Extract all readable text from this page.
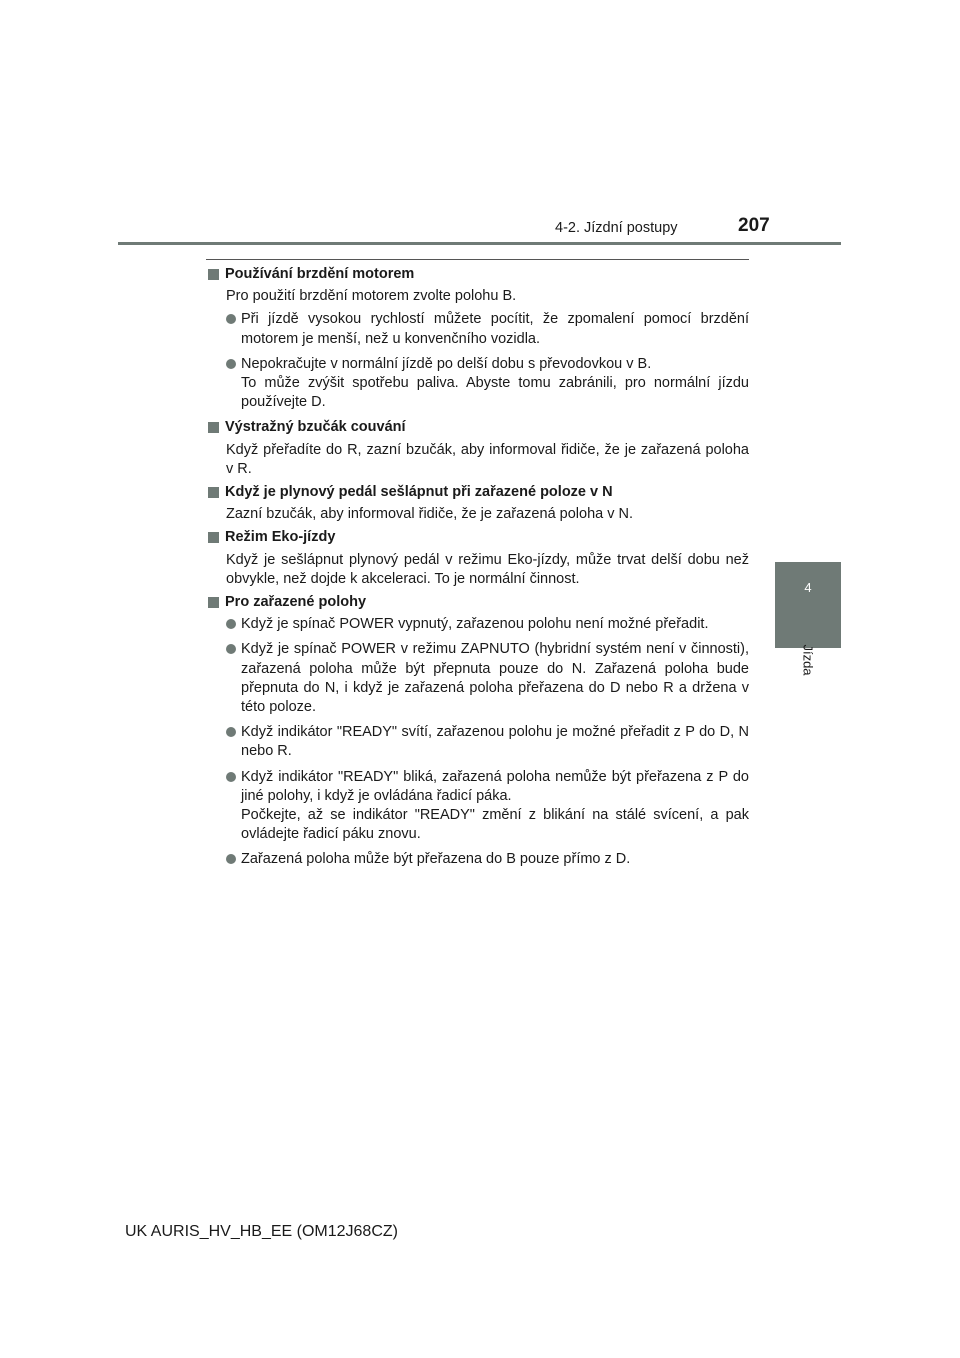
4-2. Jízdní postupy	207
4
Jízda
Používání brzdění motorem
Pro použití brzdění motorem zvolte polohu B.
Při jízdě vysokou rychlostí můžete pocítit, že zpomalení pomocí brzdění motorem je menší, než u konvenčního vozidla.
Nepokračujte v normální jízdě po delší dobu s převodovkou v B.
To může zvýšit spotřebu paliva. Abyste tomu zabránili, pro normální jízdu používejte D.
Výstražný bzučák couvání
Když přeřadíte do R, zazní bzučák, aby informoval řidiče, že je zařazená poloha v R.
Když je plynový pedál sešlápnut při zařazené poloze v N
Zazní bzučák, aby informoval řidiče, že je zařazená poloha v N.
Režim Eko-jízdy
Když je sešlápnut plynový pedál v režimu Eko-jízdy, může trvat delší dobu než obvykle, než dojde k akceleraci. To je normální činnost.
Pro zařazené polohy
Když je spínač POWER vypnutý, zařazenou polohu není možné přeřadit.
Když je spínač POWER v režimu ZAPNUTO (hybridní systém není v činnosti), zařazená poloha může být přepnuta pouze do N. Zařazená poloha bude přepnuta do N, i když je zařazená poloha přeřazena do D nebo R a držena v této poloze.
Když indikátor "READY" svítí, zařazenou polohu je možné přeřadit z P do D, N nebo R.
Když indikátor "READY" bliká, zařazená poloha nemůže být přeřazena z P do jiné polohy, i když je ovládána řadicí páka.
Počkejte, až se indikátor "READY" změní z blikání na stálé svícení, a pak ovládejte řadicí páku znovu.
Zařazená poloha může být přeřazena do B pouze přímo z D.
UK AURIS_HV_HB_EE (OM12J68CZ)
